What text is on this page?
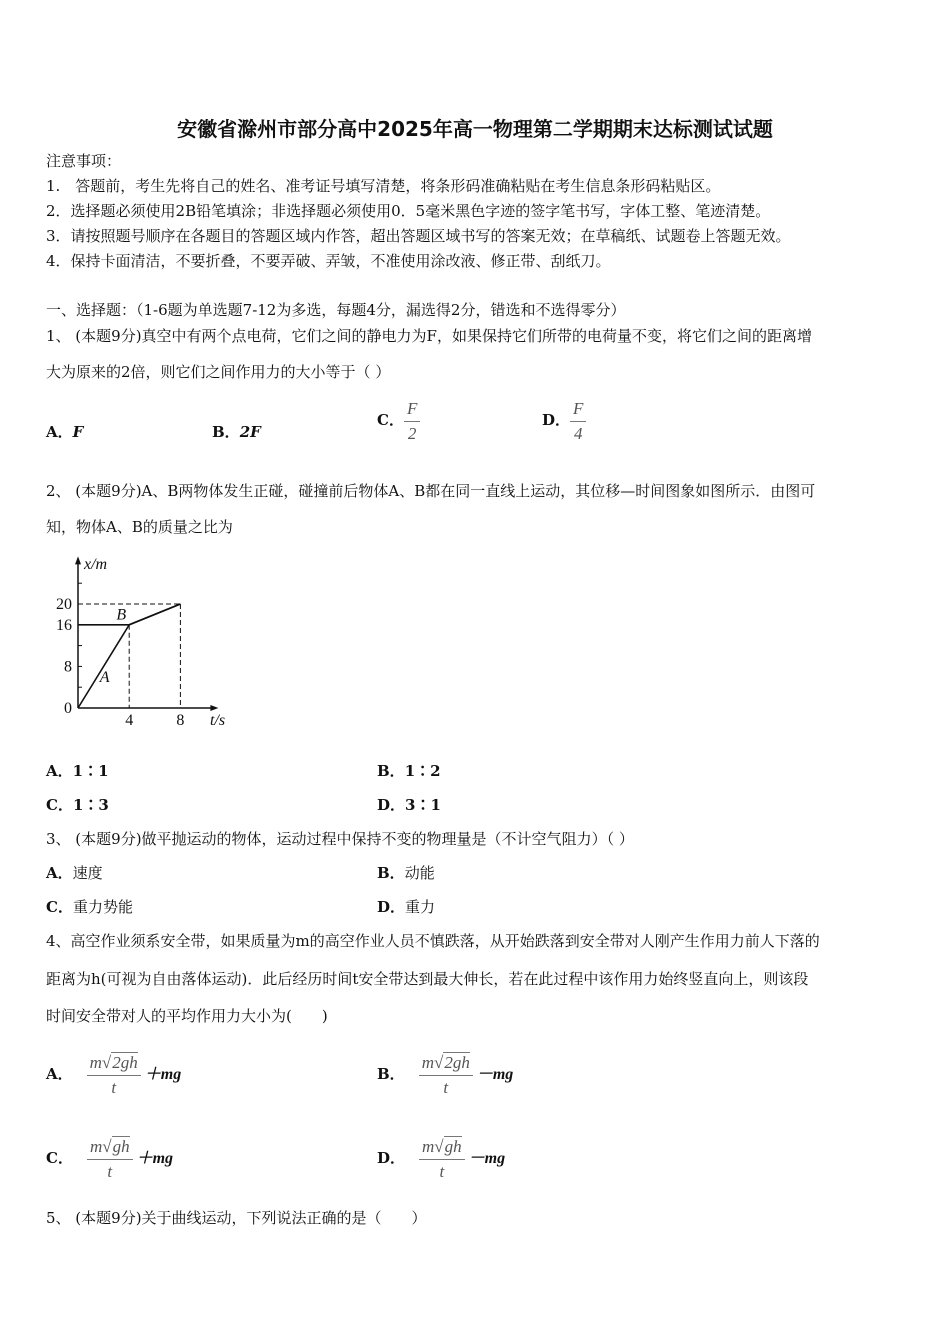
安徽省滁州市部分高中2025年高一物理第二学期期末达标测试试题
注意事项：
1.　答题前，考生先将自己的姓名、准考证号填写清楚，将条形码准确粘贴在考生信息条形码粘贴区。
2．选择题必须使用2B铅笔填涂；非选择题必须使用0．5毫米黑色字迹的签字笔书写，字体工整、笔迹清楚。
3．请按照题号顺序在各题目的答题区域内作答，超出答题区域书写的答案无效；在草稿纸、试题卷上答题无效。
4．保持卡面清洁，不要折叠，不要弄破、弄皱，不准使用涂改液、修正带、刮纸刀。
一、选择题：（1-6题为单选题7-12为多选，每题4分，漏选得2分，错选和不选得零分）
1、 (本题9分)真空中有两个点电荷，它们之间的静电力为F，如果保持它们所带的电荷量不变，将它们之间的距离增
大为原来的2倍，则它们之间作用力的大小等于（ ）
A．F	B．2F
C． $\frac{F}{2}$	D． $\frac{F}{4}$
2、 (本题9分)A、B两物体发生正碰，碰撞前后物体A、B都在同一直线上运动，其位移—时间图象如图所示．由图可
知，物体A、B的质量之比为
x/m
t/s
4	8
0
8
16
20
A
B
A．1∶1	B．1∶2
C．1∶3	D．3∶1
3、 (本题9分)做平抛运动的物体，运动过程中保持不变的物理量是（不计空气阻力）（ ）
A．速度	B．动能
C．重力势能	D．重力
4、高空作业须系安全带，如果质量为m的高空作业人员不慎跌落，从开始跌落到安全带对人刚产生作用力前人下落的
距离为h(可视为自由落体运动)．此后经历时间t安全带达到最大伸长，若在此过程中该作用力始终竖直向上，则该段
时间安全带对人的平均作用力大小为(　　)
A． $\frac{m√2gh}{t} +mg$	B． $\frac{m√2gh}{t} -mg$
C． $\frac{m√gh}{t} +mg$	D． $\frac{m√gh}{t} -mg$
5、 (本题9分)关于曲线运动，下列说法正确的是（　　）
